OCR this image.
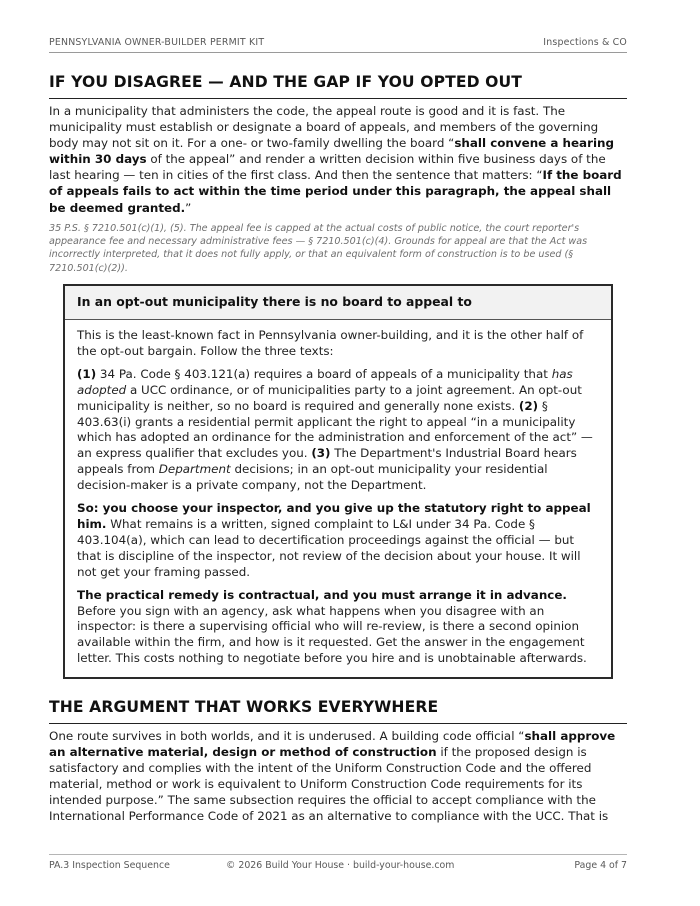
PENNSYLVANIA OWNER-BUILDER PERMIT KIT	Inspections & CO
IF YOU DISAGREE — AND THE GAP IF YOU OPTED OUT

In a municipality that administers the code, the appeal route is good and it is fast. The municipality must establish or designate a board of appeals, and members of the governing body may not sit on it. For a one- or two-family dwelling the board “shall convene a hearing within 30 days of the appeal” and render a written decision within five business days of the last hearing — ten in cities of the first class. And then the sentence that matters: “If the board of appeals fails to act within the time period under this paragraph, the appeal shall be deemed granted.”

35 P.S. § 7210.501(c)(1), (5). The appeal fee is capped at the actual costs of public notice, the court reporter's appearance fee and necessary administrative fees — § 7210.501(c)(4). Grounds for appeal are that the Act was incorrectly interpreted, that it does not fully apply, or that an equivalent form of construction is to be used (§ 7210.501(c)(2)).

In an opt-out municipality there is no board to appeal to

This is the least-known fact in Pennsylvania owner-building, and it is the other half of the opt-out bargain. Follow the three texts:

(1) 34 Pa. Code § 403.121(a) requires a board of appeals of a municipality that has adopted a UCC ordinance, or of municipalities party to a joint agreement. An opt-out municipality is neither, so no board is required and generally none exists. (2) § 403.63(i) grants a residential permit applicant the right to appeal “in a municipality which has adopted an ordinance for the administration and enforcement of the act” — an express qualifier that excludes you. (3) The Department's Industrial Board hears appeals from Department decisions; in an opt-out municipality your residential decision-maker is a private company, not the Department.

So: you choose your inspector, and you give up the statutory right to appeal him. What remains is a written, signed complaint to L&I under 34 Pa. Code § 403.104(a), which can lead to decertification proceedings against the official — but that is discipline of the inspector, not review of the decision about your house. It will not get your framing passed.

The practical remedy is contractual, and you must arrange it in advance. Before you sign with an agency, ask what happens when you disagree with an inspector: is there a supervising official who will re-review, is there a second opinion available within the firm, and how is it requested. Get the answer in the engagement letter. This costs nothing to negotiate before you hire and is unobtainable afterwards.

THE ARGUMENT THAT WORKS EVERYWHERE

One route survives in both worlds, and it is underused. A building code official “shall approve an alternative material, design or method of construction if the proposed design is satisfactory and complies with the intent of the Uniform Construction Code and the offered material, method or work is equivalent to Uniform Construction Code requirements for its intended purpose.” The same subsection requires the official to accept compliance with the International Performance Code of 2021 as an alternative to compliance with the UCC. That is

PA.3 Inspection Sequence	© 2026 Build Your House · build-your-house.com	Page 4 of 7
